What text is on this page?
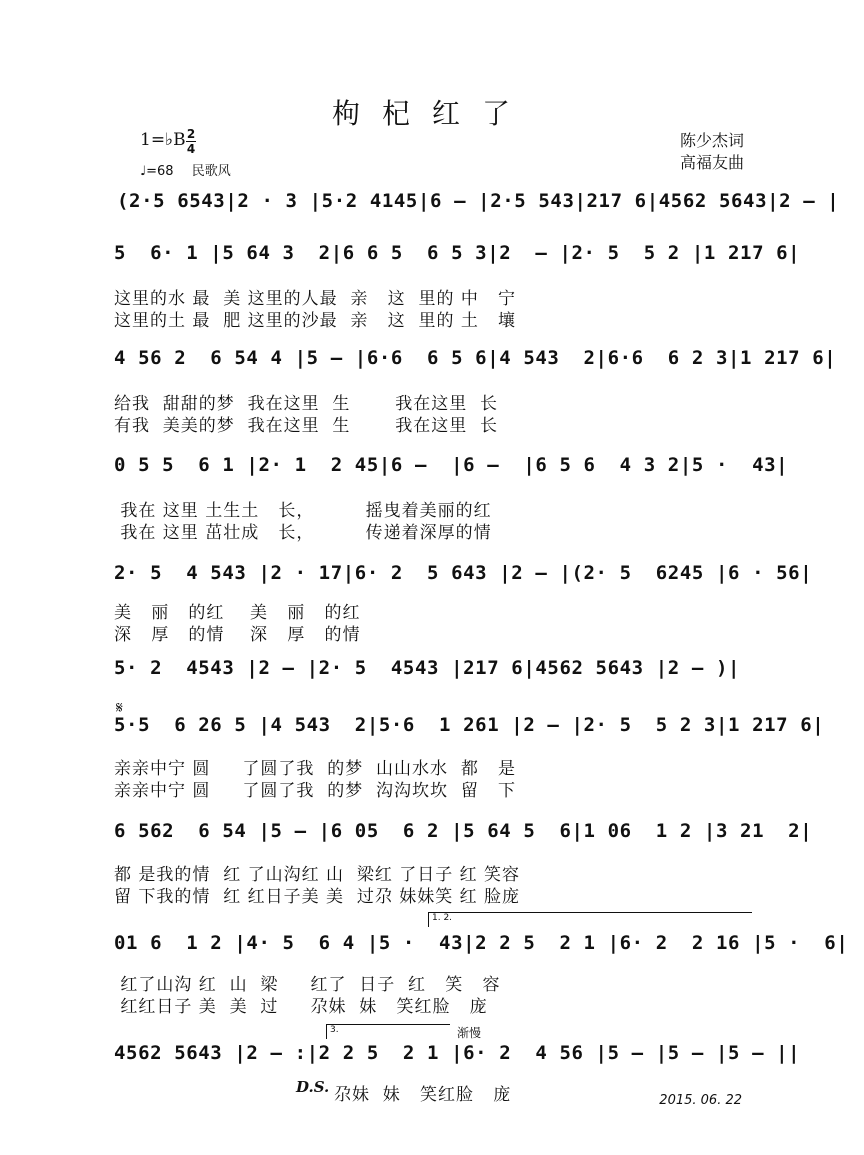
枸杞红了
1=♭B 2
4
♩=68 民歌风
陈少杰词
高福友曲
(2·5 6543|2 · 3 |5·2 4145|6 – |2·5 543|217 6|4562 5643|2 – |
5  6· 1 |5 64 3  2|6 6 5  6 5 3|2  – |2· 5  5 2 |1 217 6|
这里的水 最  美 这里的人最  亲   这  里的 中   宁
这里的土 最  肥 这里的沙最  亲   这  里的 土   壤
4 56 2  6 54 4 |5 – |6·6  6 5 6|4 543  2|6·6  6 2 3|1 217 6|
给我  甜甜的梦  我在这里  生       我在这里  长
有我  美美的梦  我在这里  生       我在这里  长
0 5 5  6 1 |2· 1  2 45|6 –  |6 –  |6 5 6  4 3 2|5 ·  43|
我在 这里 土生土   长，        摇曳着美丽的红
我在 这里 茁壮成   长，        传递着深厚的情
2· 5  4 543 |2 · 17|6· 2  5 643 |2 – |(2· 5  6245 |6 · 56|
美   丽   的红    美   丽   的红
深   厚   的情    深   厚   的情
5· 2  4543 |2 – |2· 5  4543 |217 6|4562 5643 |2 – )|
𝄋
5·5  6 26 5 |4 543  2|5·6  1 261 |2 – |2· 5  5 2 3|1 217 6|
亲亲中宁 圆     了圆了我  的梦  山山水水  都   是
亲亲中宁 圆     了圆了我  的梦  沟沟坎坎  留   下
6 562  6 54 |5 – |6 05  6 2 |5 64 5  6|1 06  1 2 |3 21  2|
都 是我的情  红 了山沟红 山  梁红 了日子 红 笑容
留 下我的情  红 红日子美 美  过尕 妹妹笑 红 脸庞
1. 2.
01 6  1 2 |4· 5  6 4 |5 ·  43|2 2 5  2 1 |6· 2  2 16 |5 ·  6|
红了山沟 红  山  梁     红了  日子  红   笑   容
红红日子 美  美  过     尕妹  妹   笑红脸   庞
3.	渐慢
4562 5643 |2 – :|2 2 5  2 1 |6· 2  4 56 |5 – |5 – |5 – ||
D.S. 尕妹  妹   笑红脸   庞	2015. 06. 22
